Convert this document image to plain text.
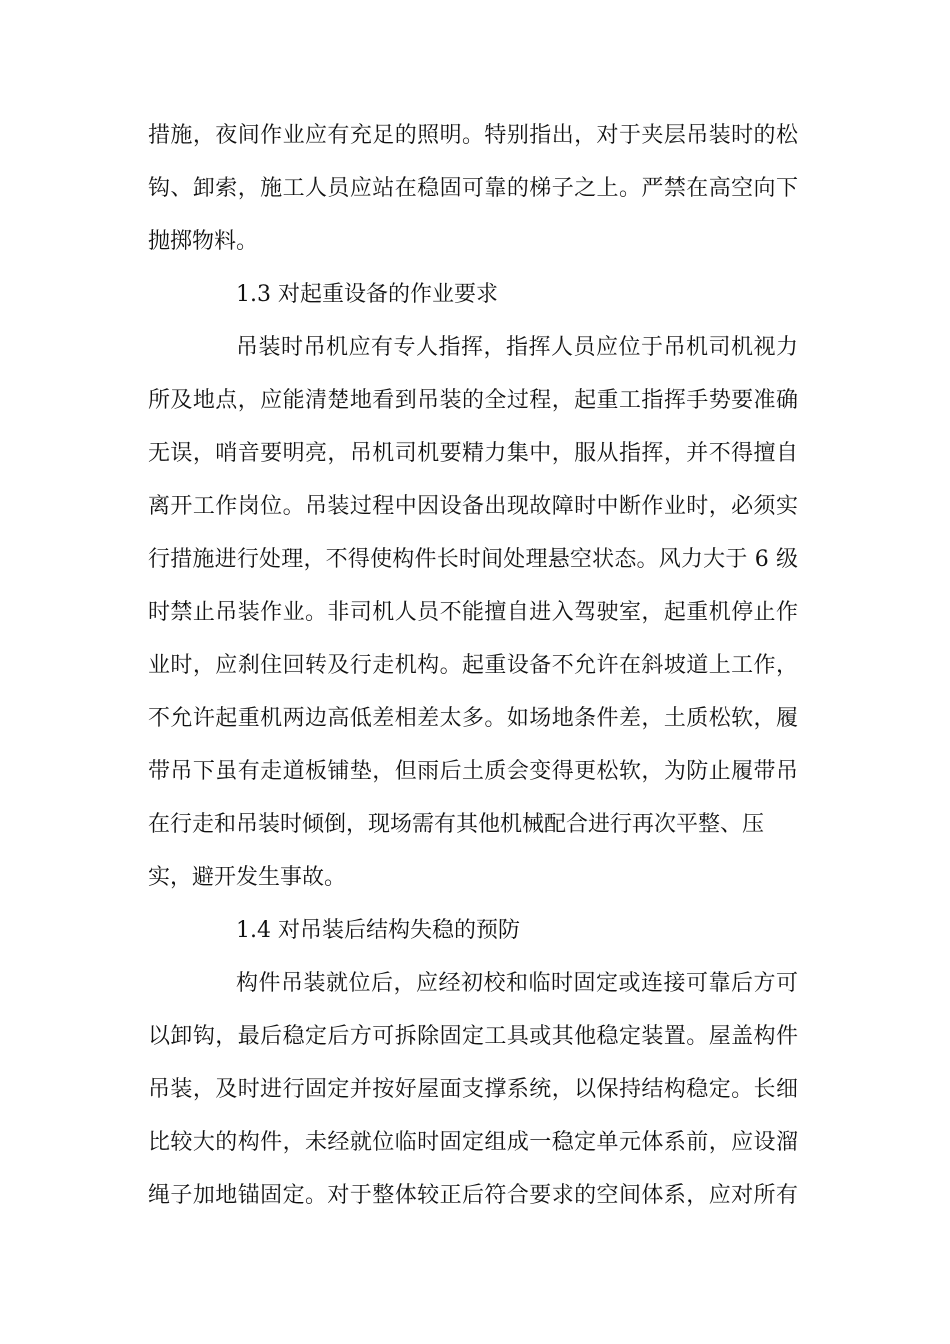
措施，夜间作业应有充足的照明。特别指出，对于夹层吊装时的松
钩、卸索，施工人员应站在稳固可靠的梯子之上。严禁在高空向下
抛掷物料。
1.3 对起重设备的作业要求
吊装时吊机应有专人指挥，指挥人员应位于吊机司机视力
所及地点，应能清楚地看到吊装的全过程，起重工指挥手势要准确
无误，哨音要明亮，吊机司机要精力集中，服从指挥，并不得擅自
离开工作岗位。吊装过程中因设备出现故障时中断作业时，必须实
行措施进行处理，不得使构件长时间处理悬空状态。风力大于 6 级
时禁止吊装作业。非司机人员不能擅自进入驾驶室，起重机停止作
业时，应刹住回转及行走机构。起重设备不允许在斜坡道上工作，
不允许起重机两边高低差相差太多。如场地条件差，土质松软，履
带吊下虽有走道板铺垫，但雨后土质会变得更松软，为防止履带吊
在行走和吊装时倾倒，现场需有其他机械配合进行再次平整、压
实，避开发生事故。
1.4 对吊装后结构失稳的预防
构件吊装就位后，应经初校和临时固定或连接可靠后方可
以卸钩，最后稳定后方可拆除固定工具或其他稳定装置。屋盖构件
吊装，及时进行固定并按好屋面支撑系统，以保持结构稳定。长细
比较大的构件，未经就位临时固定组成一稳定单元体系前，应设溜
绳子加地锚固定。对于整体较正后符合要求的空间体系，应对所有
